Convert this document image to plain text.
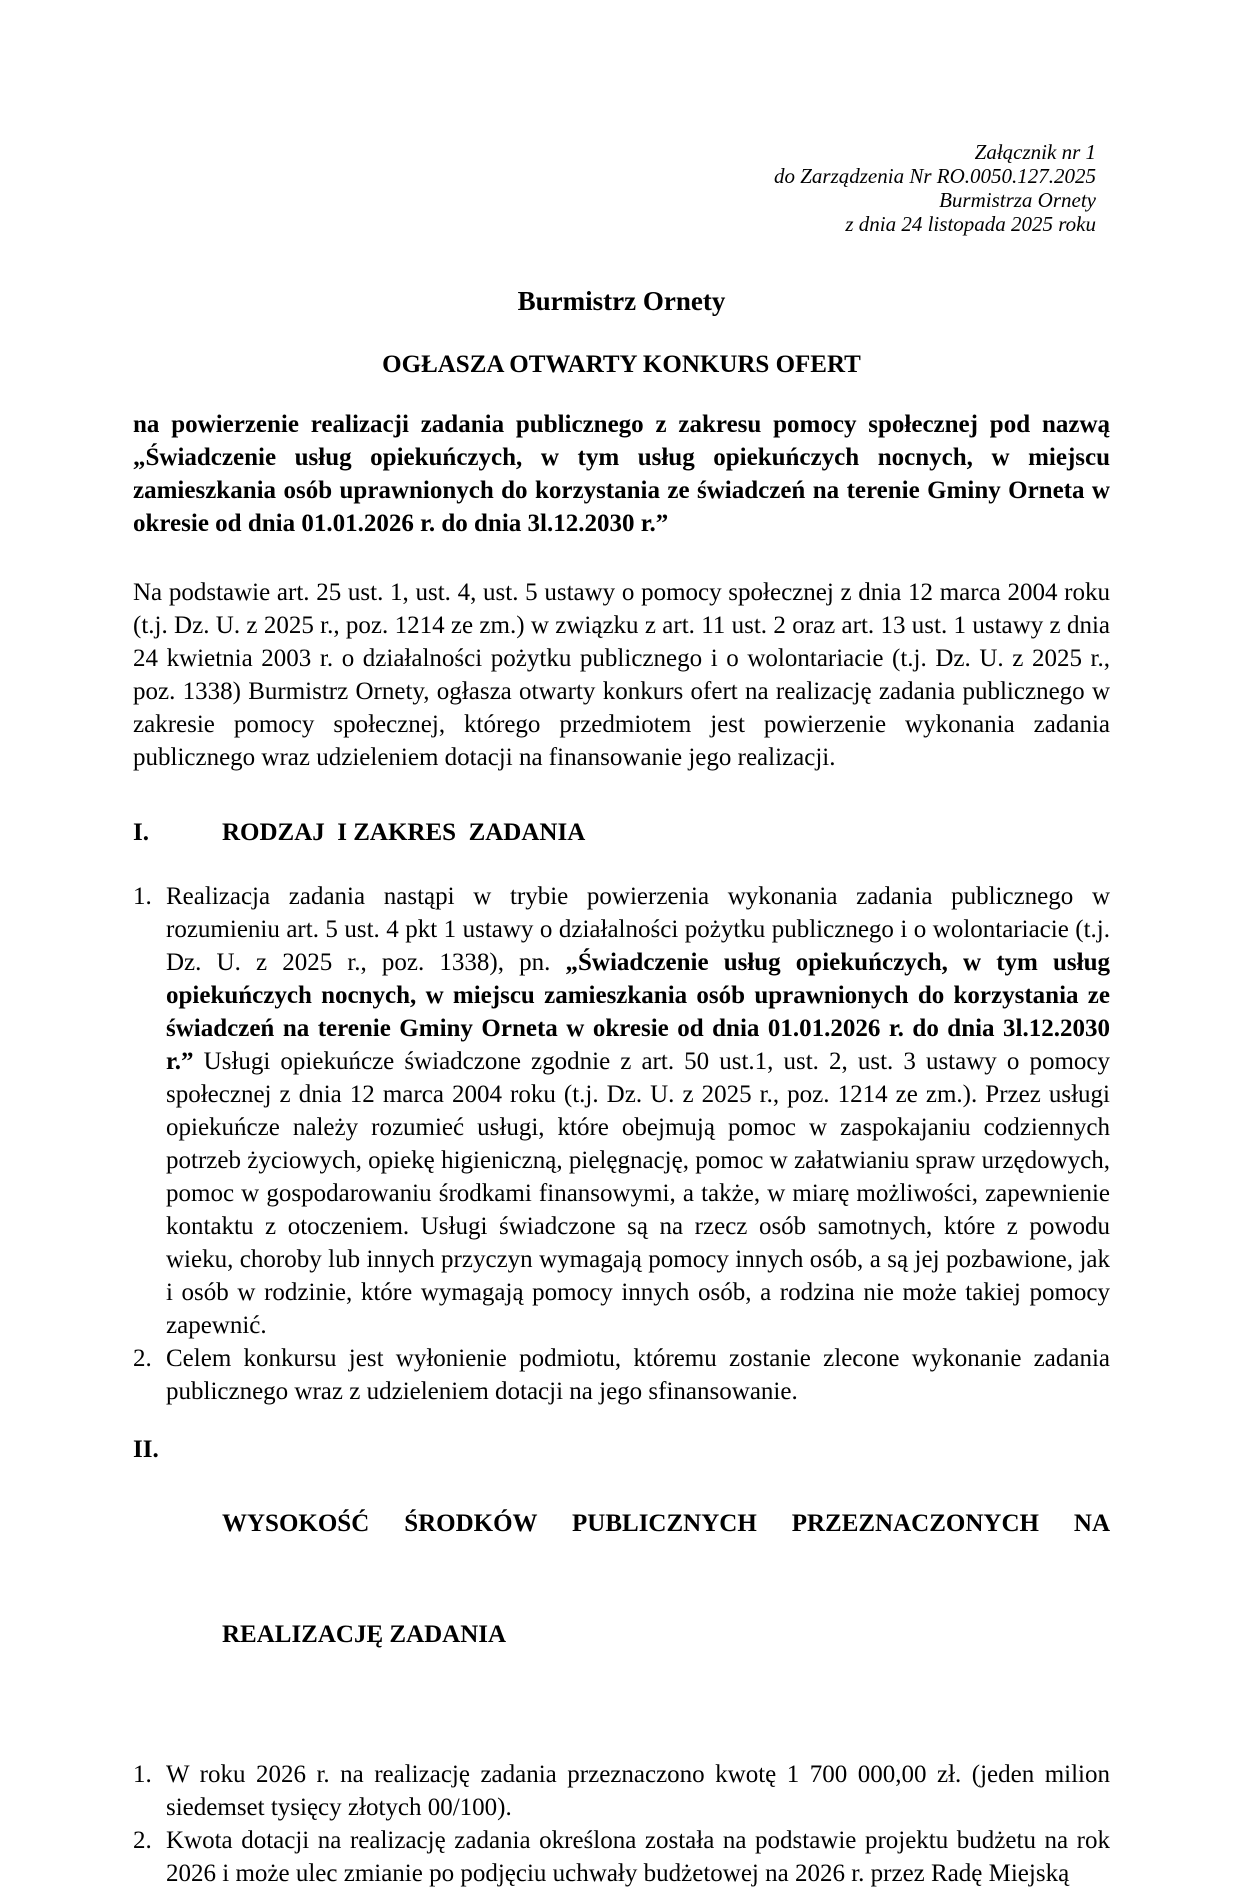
Załącznik nr 1
do Zarządzenia Nr RO.0050.127.2025
Burmistrza Ornety
z dnia 24 listopada 2025 roku
Burmistrz Ornety
OGŁASZA OTWARTY KONKURS OFERT
na powierzenie realizacji zadania publicznego z zakresu pomocy społecznej pod nazwą „Świadczenie usług opiekuńczych, w tym usług opiekuńczych nocnych, w miejscu zamieszkania osób uprawnionych do korzystania ze świadczeń na terenie Gminy Orneta w okresie od dnia 01.01.2026 r. do dnia 3l.12.2030 r.”
Na podstawie art. 25 ust. 1, ust. 4, ust. 5 ustawy o pomocy społecznej z dnia 12 marca 2004 roku (t.j. Dz. U. z 2025 r., poz. 1214 ze zm.) w związku z art. 11 ust. 2 oraz art. 13 ust. 1 ustawy z dnia 24 kwietnia 2003 r. o działalności pożytku publicznego i o wolontariacie (t.j. Dz. U. z 2025 r., poz. 1338) Burmistrz Ornety, ogłasza otwarty konkurs ofert na realizację zadania publicznego w zakresie pomocy społecznej, którego przedmiotem jest powierzenie wykonania zadania publicznego wraz udzieleniem dotacji na finansowanie jego realizacji.
I.	RODZAJ  I ZAKRES  ZADANIA
1. Realizacja zadania nastąpi w trybie powierzenia wykonania zadania publicznego w rozumieniu art. 5 ust. 4 pkt 1 ustawy o działalności pożytku publicznego i o wolontariacie (t.j. Dz. U. z 2025 r., poz. 1338), pn. „Świadczenie usług opiekuńczych, w tym usług opiekuńczych nocnych, w miejscu zamieszkania osób uprawnionych do korzystania ze świadczeń na terenie Gminy Orneta w okresie od dnia 01.01.2026 r. do dnia 3l.12.2030 r.” Usługi opiekuńcze świadczone zgodnie z art. 50 ust.1, ust. 2, ust. 3 ustawy o pomocy społecznej z dnia 12 marca 2004 roku (t.j. Dz. U. z 2025 r., poz. 1214 ze zm.). Przez usługi opiekuńcze należy rozumieć usługi, które obejmują pomoc w zaspokajaniu codziennych potrzeb życiowych, opiekę higieniczną, pielęgnację, pomoc w załatwianiu spraw urzędowych, pomoc w gospodarowaniu środkami finansowymi, a także, w miarę możliwości, zapewnienie kontaktu z otoczeniem. Usługi świadczone są na rzecz osób samotnych, które z powodu wieku, choroby lub innych przyczyn wymagają pomocy innych osób, a są jej pozbawione, jak i osób w rodzinie, które wymagają pomocy innych osób, a rodzina nie może takiej pomocy zapewnić.
2. Celem konkursu jest wyłonienie podmiotu, któremu zostanie zlecone wykonanie zadania publicznego wraz z udzieleniem dotacji na jego sfinansowanie.
II.

WYSOKOŚĆ ŚRODKÓW PUBLICZNYCH PRZEZNACZONYCH NA

REALIZACJĘ ZADANIA

1. W roku 2026 r. na realizację zadania przeznaczono kwotę 1 700 000,00 zł. (jeden milion siedemset tysięcy złotych 00/100).
2. Kwota dotacji na realizację zadania określona została na podstawie projektu budżetu na rok 2026 i może ulec zmianie po podjęciu uchwały budżetowej na 2026 r. przez Radę Miejską
